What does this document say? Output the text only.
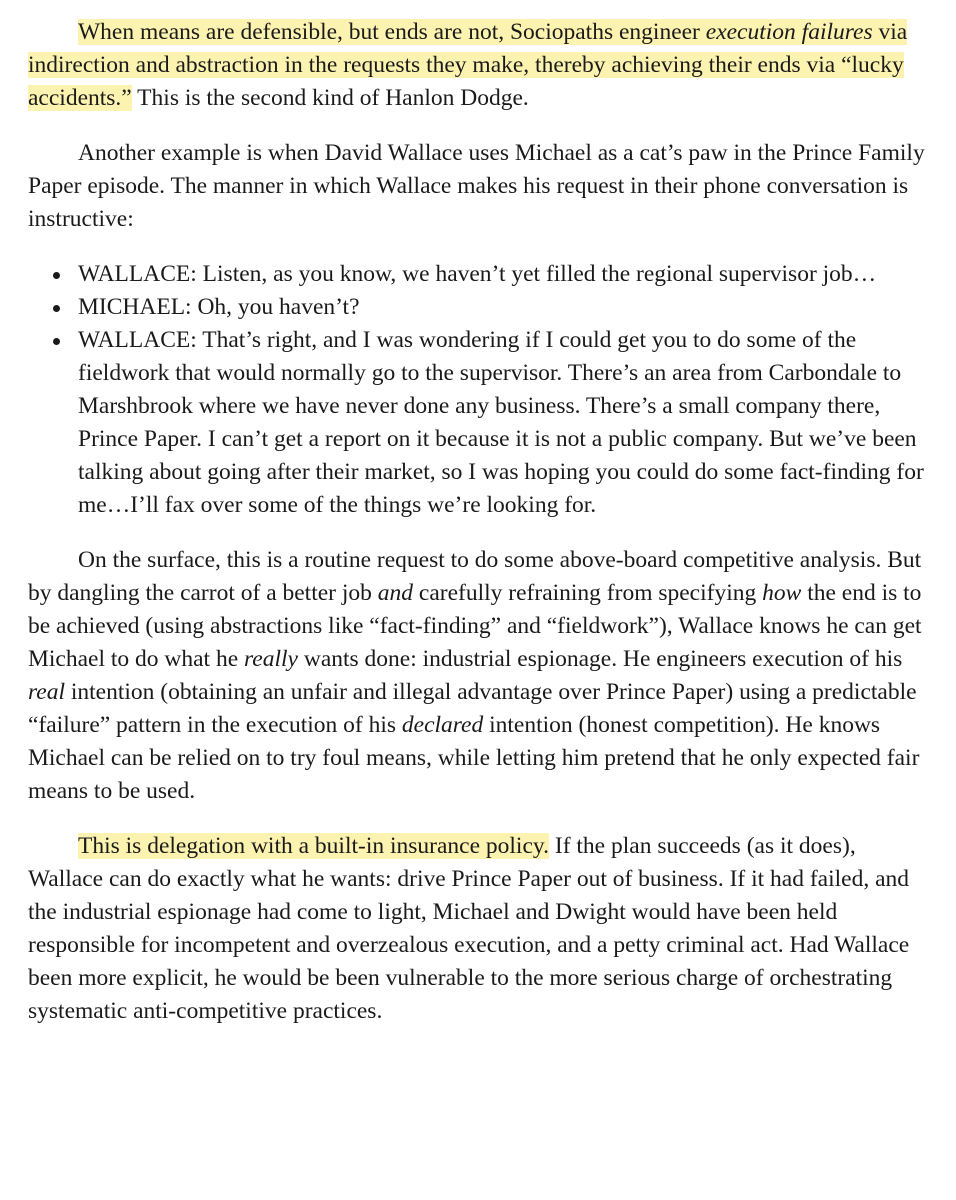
When means are defensible, but ends are not, Sociopaths engineer execution failures via indirection and abstraction in the requests they make, thereby achieving their ends via “lucky accidents.” This is the second kind of Hanlon Dodge.

Another example is when David Wallace uses Michael as a cat’s paw in the Prince Family Paper episode. The manner in which Wallace makes his request in their phone conversation is instructive:

WALLACE: Listen, as you know, we haven’t yet filled the regional supervisor job…
MICHAEL: Oh, you haven’t?
WALLACE: That’s right, and I was wondering if I could get you to do some of the fieldwork that would normally go to the supervisor. There’s an area from Carbondale to Marshbrook where we have never done any business. There’s a small company there, Prince Paper. I can’t get a report on it because it is not a public company. But we’ve been talking about going after their market, so I was hoping you could do some fact-finding for me…I’ll fax over some of the things we’re looking for.

On the surface, this is a routine request to do some above-board competitive analysis. But by dangling the carrot of a better job and carefully refraining from specifying how the end is to be achieved (using abstractions like “fact-finding” and “fieldwork”), Wallace knows he can get Michael to do what he really wants done: industrial espionage. He engineers execution of his real intention (obtaining an unfair and illegal advantage over Prince Paper) using a predictable “failure” pattern in the execution of his declared intention (honest competition). He knows Michael can be relied on to try foul means, while letting him pretend that he only expected fair means to be used.

This is delegation with a built-in insurance policy. If the plan succeeds (as it does), Wallace can do exactly what he wants: drive Prince Paper out of business. If it had failed, and the industrial espionage had come to light, Michael and Dwight would have been held responsible for incompetent and overzealous execution, and a petty criminal act. Had Wallace been more explicit, he would be been vulnerable to the more serious charge of orchestrating systematic anti-competitive practices.
